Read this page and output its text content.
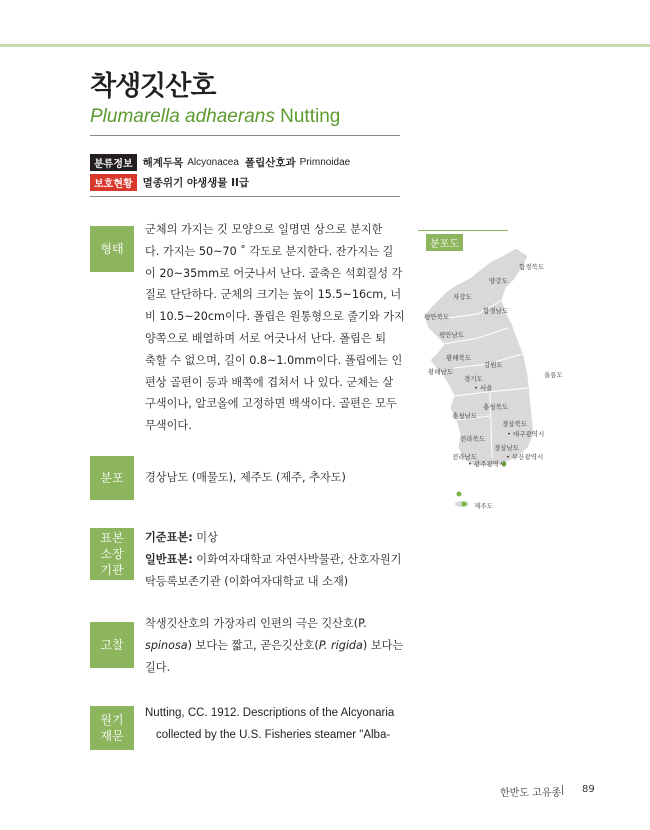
착생깃산호
Plumarella adhaerans Nutting
분류정보 해계두목 Alcyonacea 폴립산호과 Primnoidae
보호현황 멸종위기 야생생물 II급
형태
군체의 가지는 깃 모양으로 일명면 상으로 분지한
다. 가지는 50~70 ˚ 각도로 분지한다. 잔가지는 길
이 20~35mm로 어긋나서 난다. 골축은 석회질성 각
질로 단단하다. 군체의 크기는 높이 15.5~16cm, 너
비 10.5~20cm이다. 폴립은 원통형으로 줄기와 가지
양쪽으로 배열하며 서로 어긋나서 난다. 폴립은 퇴
축할 수 없으며, 길이 0.8~1.0mm이다. 폴립에는 인
편상 골편이 등과 배쪽에 겹쳐서 나 있다. 군체는 살
구색이나, 알코올에 고정하면 백색이다. 골편은 모두
무색이다.
분포	경상남도 (매물도), 제주도 (제주, 추자도)
표본
소장
기관
기준표본: 미상
일반표본: 이화여자대학교 자연사박물관, 산호자원기
탁등록보존기관 (이화여자대학교 내 소재)
고찰
착생깃산호의 가장자리 인편의 극은 깃산호(P.
spinosa) 보다는 짧고, 곧은깃산호(P. rigida) 보다는
길다.
원기
재문
Nutting, CC. 1912. Descriptions of the Alcyonaria
collected by the U.S. Fisheries steamer "Alba-
분포도
함경북도
양강도
자강도
함경남도
평안북도
평안남도
황해북도
강원도
황해남도
경기도	울릉도
• 서울
충청북도
충청남도
경상북도
• 대구광역시
전라북도
경상남도
• 부산광역시
전라남도
• 광주광역시
제주도
한반도 고유종 89
